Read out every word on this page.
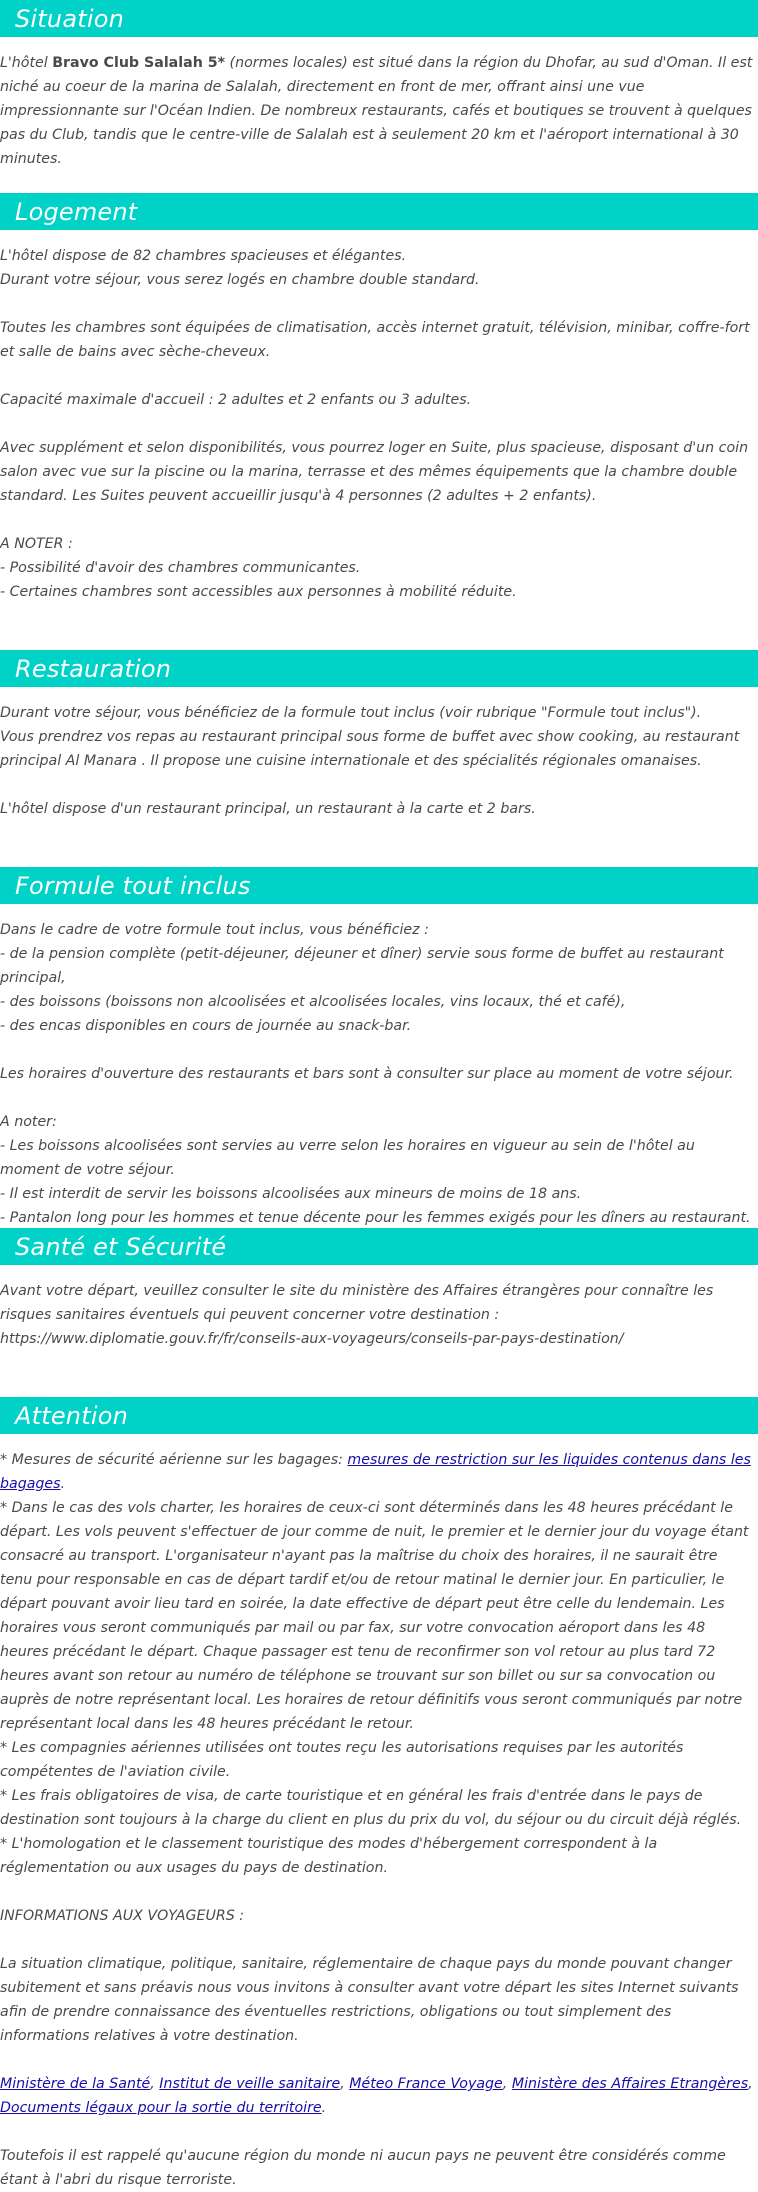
Situation

L'hôtel Bravo Club Salalah 5* (normes locales) est situé dans la région du Dhofar, au sud d'Oman. Il est niché au coeur de la marina de Salalah, directement en front de mer, offrant ainsi une vue impressionnante sur l'Océan Indien. De nombreux restaurants, cafés et boutiques se trouvent à quelques pas du Club, tandis que le centre-ville de Salalah est à seulement 20 km et l'aéroport international à 30 minutes.

Logement

L'hôtel dispose de 82 chambres spacieuses et élégantes.

Durant votre séjour, vous serez logés en chambre double standard.

Toutes les chambres sont équipées de climatisation, accès internet gratuit, télévision, minibar, coffre-fort et salle de bains avec sèche-cheveux.

Capacité maximale d'accueil : 2 adultes et 2 enfants ou 3 adultes.

Avec supplément et selon disponibilités, vous pourrez loger en Suite, plus spacieuse, disposant d'un coin salon avec vue sur la piscine ou la marina, terrasse et des mêmes équipements que la chambre double standard. Les Suites peuvent accueillir jusqu'à 4 personnes (2 adultes + 2 enfants).

A NOTER :

- Possibilité d'avoir des chambres communicantes.

- Certaines chambres sont accessibles aux personnes à mobilité réduite.

Restauration

Durant votre séjour, vous bénéficiez de la formule tout inclus (voir rubrique "Formule tout inclus").

Vous prendrez vos repas au restaurant principal sous forme de buffet avec show cooking, au restaurant principal Al Manara . Il propose une cuisine internationale et des spécialités régionales omanaises.

L'hôtel dispose d'un restaurant principal, un restaurant à la carte et 2 bars.

Formule tout inclus

Dans le cadre de votre formule tout inclus, vous bénéficiez :

- de la pension complète (petit-déjeuner, déjeuner et dîner) servie sous forme de buffet au restaurant principal,

- des boissons (boissons non alcoolisées et alcoolisées locales, vins locaux, thé et café),

- des encas disponibles en cours de journée au snack-bar.

Les horaires d'ouverture des restaurants et bars sont à consulter sur place au moment de votre séjour.

A noter:

- Les boissons alcoolisées sont servies au verre selon les horaires en vigueur au sein de l'hôtel au moment de votre séjour.

- Il est interdit de servir les boissons alcoolisées aux mineurs de moins de 18 ans.

- Pantalon long pour les hommes et tenue décente pour les femmes exigés pour les dîners au restaurant.

Santé et Sécurité

Avant votre départ, veuillez consulter le site du ministère des Affaires étrangères pour connaître les risques sanitaires éventuels qui peuvent concerner votre destination : https://www.diplomatie.gouv.fr/fr/conseils-aux-voyageurs/conseils-par-pays-destination/

Attention

* Mesures de sécurité aérienne sur les bagages: mesures de restriction sur les liquides contenus dans les bagages.

* Dans le cas des vols charter, les horaires de ceux-ci sont déterminés dans les 48 heures précédant le départ. Les vols peuvent s'effectuer de jour comme de nuit, le premier et le dernier jour du voyage étant consacré au transport. L'organisateur n'ayant pas la maîtrise du choix des horaires, il ne saurait être tenu pour responsable en cas de départ tardif et/ou de retour matinal le dernier jour. En particulier, le départ pouvant avoir lieu tard en soirée, la date effective de départ peut être celle du lendemain. Les horaires vous seront communiqués par mail ou par fax, sur votre convocation aéroport dans les 48 heures précédant le départ. Chaque passager est tenu de reconfirmer son vol retour au plus tard 72 heures avant son retour au numéro de téléphone se trouvant sur son billet ou sur sa convocation ou auprès de notre représentant local. Les horaires de retour définitifs vous seront communiqués par notre représentant local dans les 48 heures précédant le retour.

* Les compagnies aériennes utilisées ont toutes reçu les autorisations requises par les autorités compétentes de l'aviation civile.

* Les frais obligatoires de visa, de carte touristique et en général les frais d'entrée dans le pays de destination sont toujours à la charge du client en plus du prix du vol, du séjour ou du circuit déjà réglés.

* L'homologation et le classement touristique des modes d'hébergement correspondent à la réglementation ou aux usages du pays de destination.

INFORMATIONS AUX VOYAGEURS :

La situation climatique, politique, sanitaire, réglementaire de chaque pays du monde pouvant changer subitement et sans préavis nous vous invitons à consulter avant votre départ les sites Internet suivants afin de prendre connaissance des éventuelles restrictions, obligations ou tout simplement des informations relatives à votre destination.

Ministère de la Santé, Institut de veille sanitaire, Méteo France Voyage, Ministère des Affaires Etrangères, Documents légaux pour la sortie du territoire.

Toutefois il est rappelé qu'aucune région du monde ni aucun pays ne peuvent être considérés comme étant à l'abri du risque terroriste.
